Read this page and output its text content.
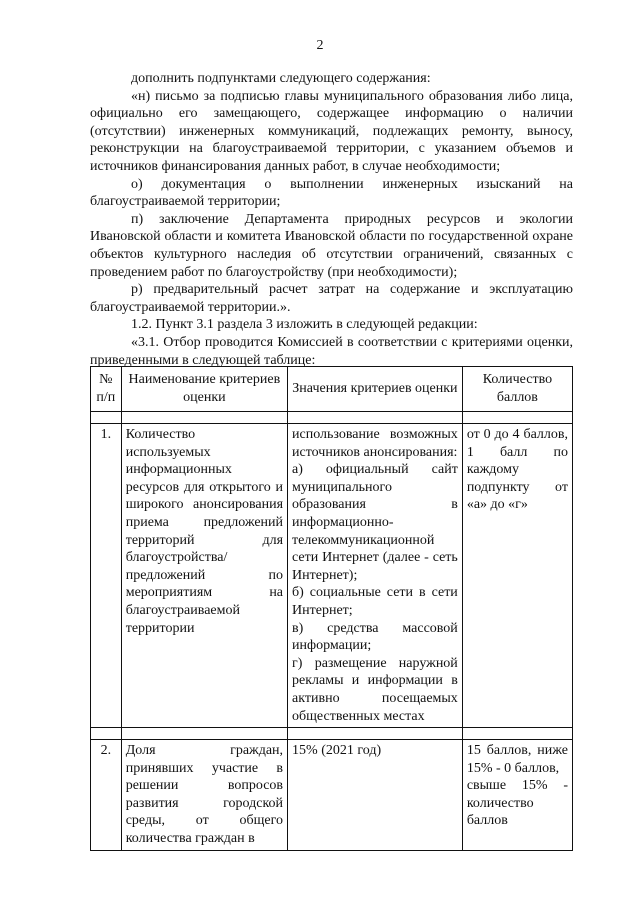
2

дополнить подпунктами следующего содержания:

«н) письмо за подписью главы муниципального образования либо лица, официально его замещающего, содержащее информацию о наличии (отсутствии) инженерных коммуникаций, подлежащих ремонту, выносу, реконструкции на благоустраиваемой территории, с указанием объемов и источников финансирования данных работ, в случае необходимости;

о) документация о выполнении инженерных изысканий на благоустраиваемой территории;

п) заключение Департамента природных ресурсов и экологии Ивановской области и комитета Ивановской области по государственной охране объектов культурного наследия об отсутствии ограничений, связанных с проведением работ по благоустройству (при необходимости);

р) предварительный расчет затрат на содержание и эксплуатацию благоустраиваемой территории.».

1.2. Пункт 3.1 раздела 3 изложить в следующей редакции:

«3.1. Отбор проводится Комиссией в соответствии с критериями оценки, приведенными в следующей таблице:

№ п/п	Наименование критериев оценки	Значения критериев оценки	Количество баллов

1.	Количество используемых информационных ресурсов для открытого и широкого анонсирования приема предложений территорий для благоустройства/ предложений по мероприятиям на благоустраиваемой территории	использование возможных источников анонсирования:
а) официальный сайт муниципального образования в информационно-телекоммуникационной сети Интернет (далее - сеть Интернет);
б) социальные сети в сети Интернет;
в) средства массовой информации;
г) размещение наружной рекламы и информации в активно посещаемых общественных местах	от 0 до 4 баллов, 1 балл по каждому подпункту от «а» до «г»

2.	Доля граждан, принявших участие в решении вопросов развития городской среды, от общего количества граждан в	15% (2021 год)	15 баллов, ниже 15% - 0 баллов,
свыше 15% - количество баллов
